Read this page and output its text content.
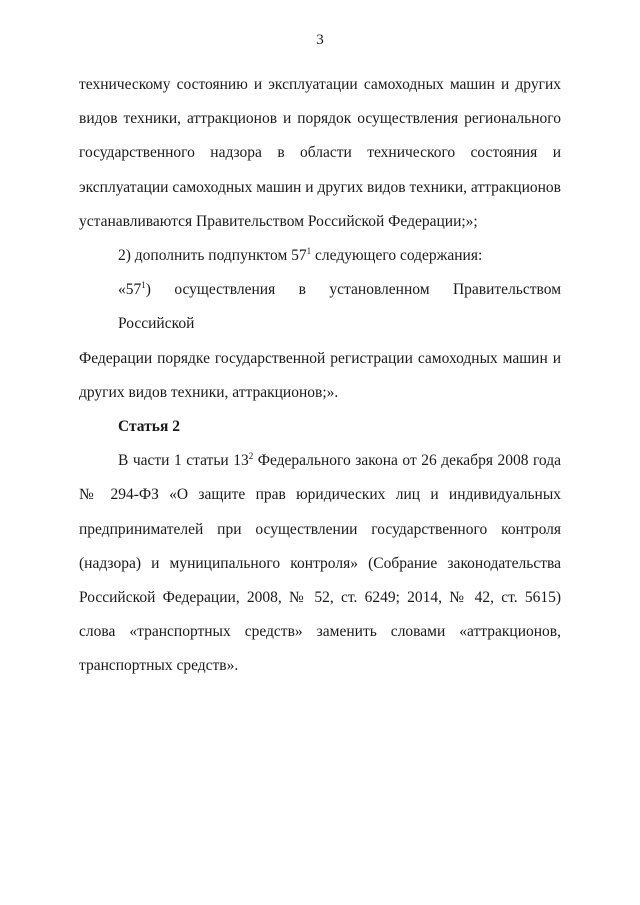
3

техническому состоянию и эксплуатации самоходных машин и других
видов техники, аттракционов и порядок осуществления регионального
государственного надзора в области технического состояния и
эксплуатации самоходных машин и других видов техники, аттракционов
устанавливаются Правительством Российской Федерации;»;

2) дополнить подпунктом $57^1$ следующего содержания:

«$57^1$) осуществления в установленном Правительством Российской
Федерации порядке государственной регистрации самоходных машин и
других видов техники, аттракционов;».

Статья 2

В части 1 статьи $13^2$ Федерального закона от 26 декабря 2008 года
№ 294-ФЗ «О защите прав юридических лиц и индивидуальных
предпринимателей при осуществлении государственного контроля
(надзора) и муниципального контроля» (Собрание законодательства
Российской Федерации, 2008, № 52, ст. 6249; 2014, № 42, ст. 5615)
слова «транспортных средств» заменить словами «аттракционов,
транспортных средств».
